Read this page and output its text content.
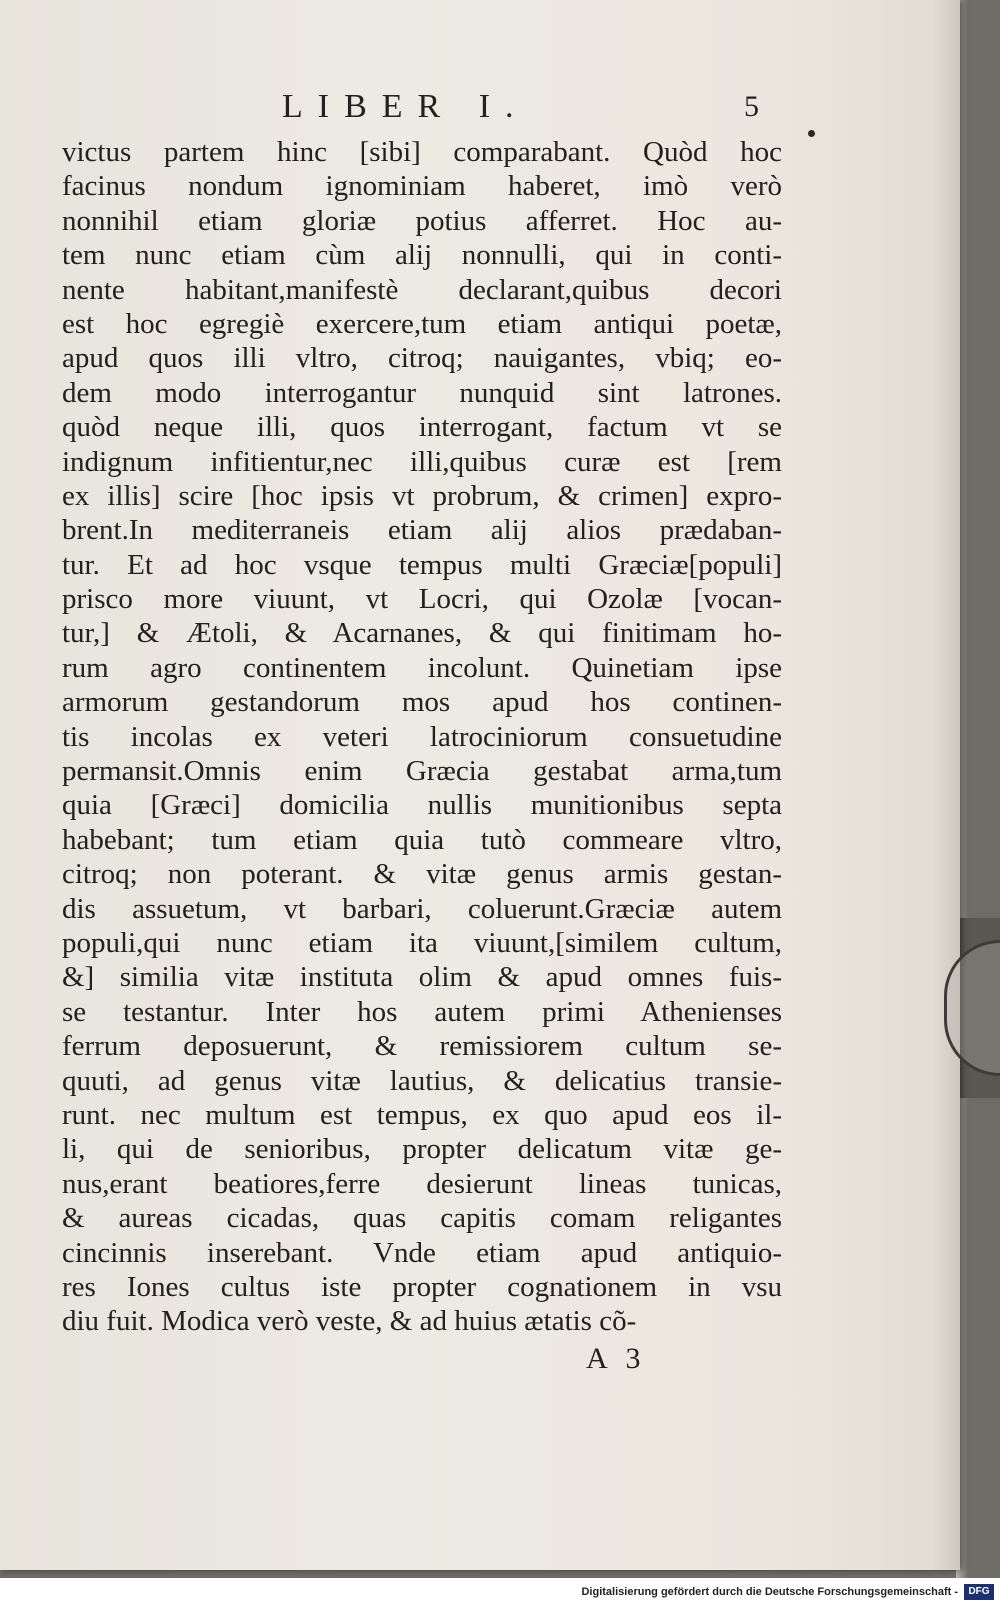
LIBER I.	5
victus partem hinc [sibi] comparabant. Quòd hoc
facinus nondum ignominiam haberet, imò verò
nonnihil etiam gloriæ potius afferret. Hoc au-
tem nunc etiam cùm alij nonnulli, qui in conti-
nente habitant,manifestè declarant,quibus decori
est hoc egregiè exercere,tum etiam antiqui poetæ,
apud quos illi vltro, citroq; nauigantes, vbiq; eo-
dem modo interrogantur nunquid sint latrones.
quòd neque illi, quos interrogant, factum vt se
indignum infitientur,nec illi,quibus curæ est [rem
ex illis] scire [hoc ipsis vt probrum, & crimen] expro-
brent.In mediterraneis etiam alij alios prædaban-
tur. Et ad hoc vsque tempus multi Græciæ[populi]
prisco more viuunt, vt Locri, qui Ozolæ [vocan-
tur,] & Ætoli, & Acarnanes, & qui finitimam ho-
rum agro continentem incolunt. Quinetiam ipse
armorum gestandorum mos apud hos continen-
tis incolas ex veteri latrociniorum consuetudine
permansit.Omnis enim Græcia gestabat arma,tum
quia [Græci] domicilia nullis munitionibus septa
habebant; tum etiam quia tutò commeare vltro,
citroq; non poterant. & vitæ genus armis gestan-
dis assuetum, vt barbari, coluerunt.Græciæ autem
populi,qui nunc etiam ita viuunt,[similem cultum,
&] similia vitæ instituta olim & apud omnes fuis-
se testantur. Inter hos autem primi Athenienses
ferrum deposuerunt, & remissiorem cultum se-
quuti, ad genus vitæ lautius, & delicatius transie-
runt. nec multum est tempus, ex quo apud eos il-
li, qui de senioribus, propter delicatum vitæ ge-
nus,erant beatiores,ferre desierunt lineas tunicas,
& aureas cicadas, quas capitis comam religantes
cincinnis inserebant. Vnde etiam apud antiquio-
res Iones cultus iste propter cognationem in vsu
diu fuit. Modica verò veste, & ad huius ætatis cõ-
A 3
Digitalisierung gefördert durch die Deutsche Forschungsgemeinschaft -	DFG
